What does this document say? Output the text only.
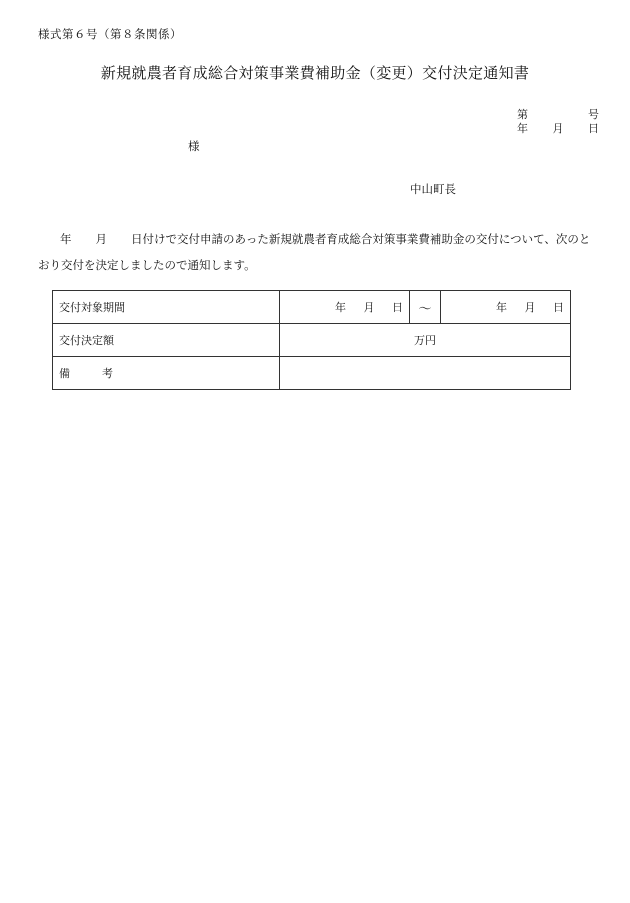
様式第６号（第８条関係）
新規就農者育成総合対策事業費補助金（変更）交付決定通知書
第	号
年 月 日
様
中山町長
年 月 日付けで交付申請のあった新規就農者育成総合対策事業費補助金の交付について、次のとおり交付を決定しましたので通知します。
交付対象期間	年 月 日	～	年 月 日
交付決定額	万円		
備 考			
